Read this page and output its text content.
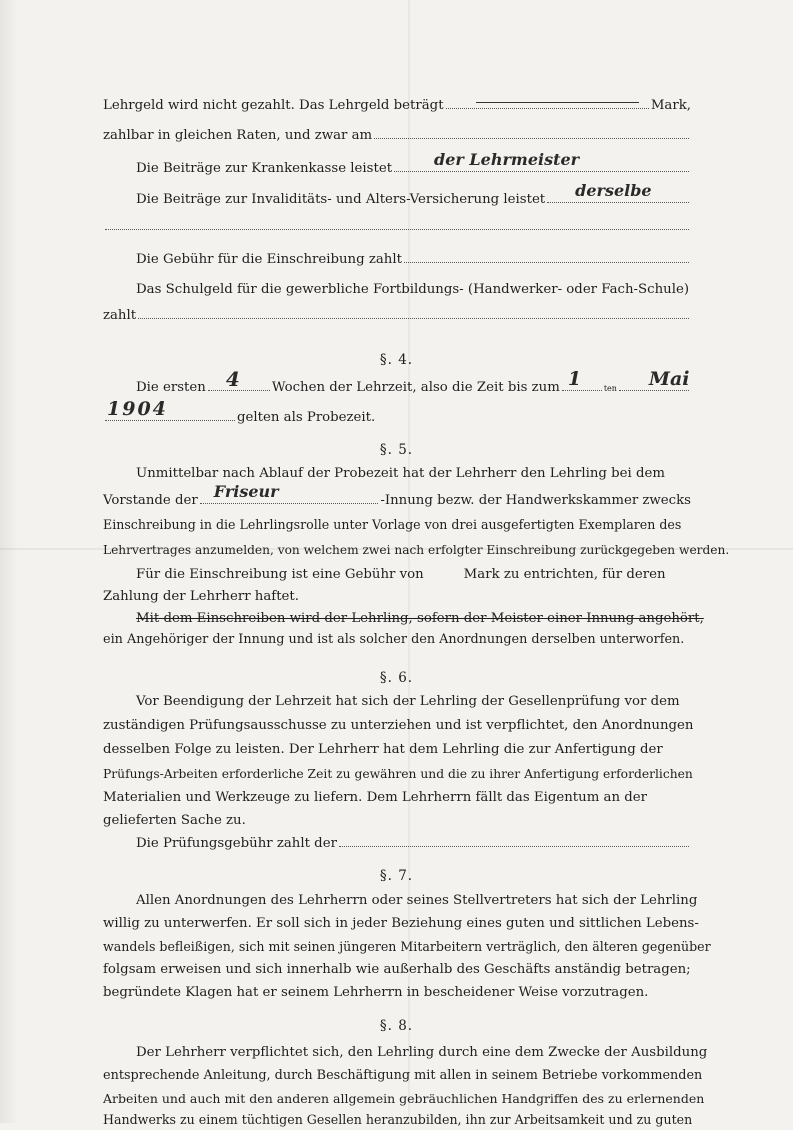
Lehrgeld wird nicht gezahlt. Das Lehrgeld beträgt	Mark,
zahlbar in gleichen Raten, und zwar am
Die Beiträge zur Krankenkasse leistet	der Lehrmeister
Die Beiträge zur Invaliditäts- und Alters-Versicherung leistet derselbe
Die Gebühr für die Einschreibung zahlt
Das Schulgeld für die gewerbliche Fortbildungs- (Handwerker- oder Fach-Schule)
zahlt
§. 4.
Die ersten 4 Wochen der Lehrzeit, also die Zeit bis zum 1	ten Mai
1904	gelten als Probezeit.
§. 5.
Unmittelbar nach Ablauf der Probezeit hat der Lehrherr den Lehrling bei dem
Vorstande der Friseur	-Innung bezw. der Handwerkskammer zwecks
Einschreibung in die Lehrlingsrolle unter Vorlage von drei ausgefertigten Exemplaren des
Lehrvertrages anzumelden, von welchem zwei nach erfolgter Einschreibung zurückgegeben werden.
Für die Einschreibung ist eine Gebühr von	Mark zu entrichten, für deren
Zahlung der Lehrherr haftet.
Mit dem Einschreiben wird der Lehrling, sofern der Meister einer Innung angehört,
ein Angehöriger der Innung und ist als solcher den Anordnungen derselben unterworfen.
§. 6.
Vor Beendigung der Lehrzeit hat sich der Lehrling der Gesellenprüfung vor dem
zuständigen Prüfungsausschusse zu unterziehen und ist verpflichtet, den Anordnungen
desselben Folge zu leisten. Der Lehrherr hat dem Lehrling die zur Anfertigung der
Prüfungs-Arbeiten erforderliche Zeit zu gewähren und die zu ihrer Anfertigung erforderlichen
Materialien und Werkzeuge zu liefern. Dem Lehrherrn fällt das Eigentum an der
gelieferten Sache zu.
Die Prüfungsgebühr zahlt der
§. 7.
Allen Anordnungen des Lehrherrn oder seines Stellvertreters hat sich der Lehrling
willig zu unterwerfen. Er soll sich in jeder Beziehung eines guten und sittlichen Lebens-
wandels befleißigen, sich mit seinen jüngeren Mitarbeitern verträglich, den älteren gegenüber
folgsam erweisen und sich innerhalb wie außerhalb des Geschäfts anständig betragen;
begründete Klagen hat er seinem Lehrherrn in bescheidener Weise vorzutragen.
§. 8.
Der Lehrherr verpflichtet sich, den Lehrling durch eine dem Zwecke der Ausbildung
entsprechende Anleitung, durch Beschäftigung mit allen in seinem Betriebe vorkommenden
Arbeiten und auch mit den anderen allgemein gebräuchlichen Handgriffen des zu erlernenden
Handwerks zu einem tüchtigen Gesellen heranzubilden, ihn zur Arbeitsamkeit und zu guten
